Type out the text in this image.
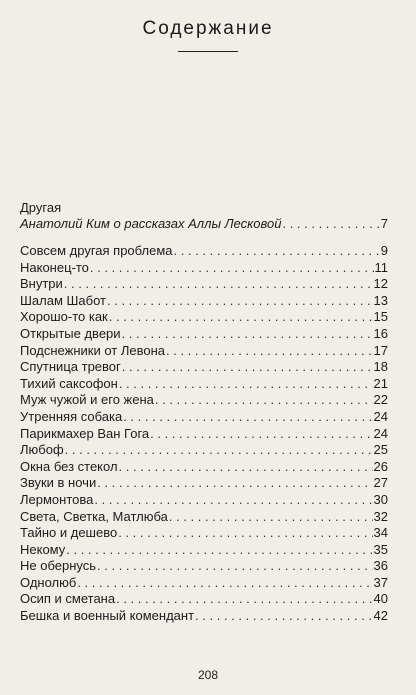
Содержание
Другая
Анатолий Ким о рассказах Аллы Лесковой . . .	7
Совсем другая проблема . . .	9
Наконец-то . . .	11
Внутри . . .	12
Шалам Шабот . . .	13
Хорошо-то как . . .	15
Открытые двери . . .	16
Подснежники от Левона . . .	17
Спутница тревог . . .	18
Тихий саксофон . . .	21
Муж чужой и его жена . . .	22
Утренняя собака . . .	24
Парикмахер Ван Гога . . .	24
Любоф . . .	25
Окна без стекол . . .	26
Звуки в ночи . . .	27
Лермонтова . . .	30
Света, Светка, Матлюба . . .	32
Тайно и дешево . . .	34
Некому . . .	35
Не обернусь . . .	36
Однолюб . . .	37
Осип и сметана . . .	40
Бешка и военный комендант . . .	42
208
